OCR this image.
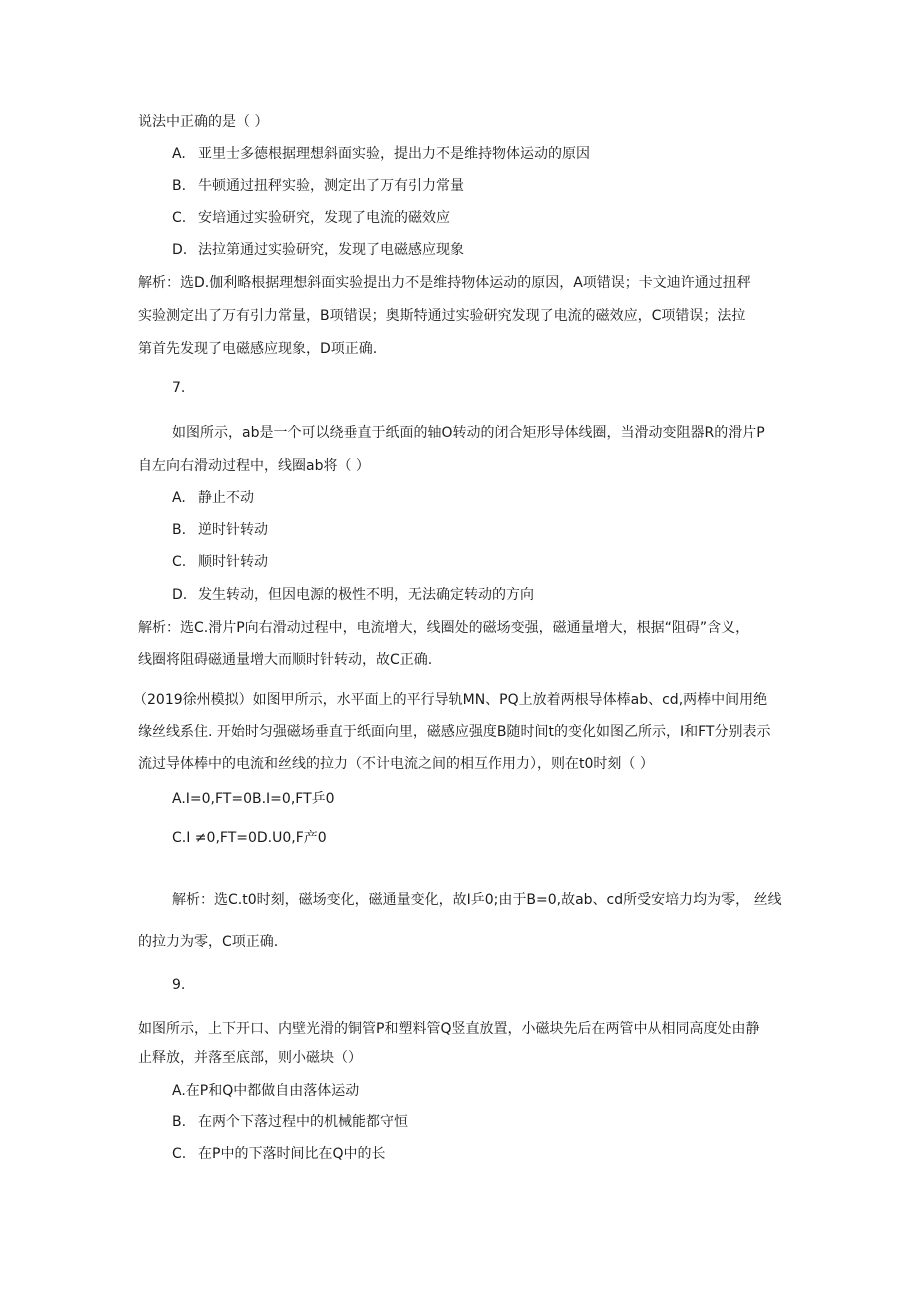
说法中正确的是（ ）
A. 亚里士多德根据理想斜面实验，提出力不是维持物体运动的原因
B. 牛顿通过扭秤实验，测定出了万有引力常量
C. 安培通过实验研究，发现了电流的磁效应
D. 法拉第通过实验研究，发现了电磁感应现象
解析：选D.伽利略根据理想斜面实验提出力不是维持物体运动的原因，A项错误；卡文迪许通过扭秤
实验测定出了万有引力常量，B项错误；奥斯特通过实验研究发现了电流的磁效应，C项错误；法拉
第首先发现了电磁感应现象，D项正确.
7.
如图所示，ab是一个可以绕垂直于纸面的轴O转动的闭合矩形导体线圈，当滑动变阻器R的滑片P
自左向右滑动过程中，线圈ab将（ ）
A. 静止不动
B. 逆时针转动
C. 顺时针转动
D. 发生转动，但因电源的极性不明，无法确定转动的方向
解析：选C.滑片P向右滑动过程中，电流增大，线圈处的磁场变强，磁通量增大，根据“阻碍”含义，
线圈将阻碍磁通量增大而顺时针转动，故C正确.
（2019徐州模拟）如图甲所示，水平面上的平行导轨MN、PQ上放着两根导体棒ab、cd,两棒中间用绝
缘丝线系住. 开始时匀强磁场垂直于纸面向里，磁感应强度B随时间t的变化如图乙所示，I和FT分别表示
流过导体棒中的电流和丝线的拉力（不计电流之间的相互作用力），则在t0时刻（ ）
A.I=0,FT=0B.I=0,FT乒0
C.I ≠0,FT=0D.U0,F产0
解析：选C.t0时刻，磁场变化，磁通量变化，故I乒0;由于B=0,故ab、cd所受安培力均为零， 丝线
的拉力为零，C项正确.
9.
如图所示，上下开口、内壁光滑的铜管P和塑料管Q竖直放置，小磁块先后在两管中从相同高度处由静
止释放，并落至底部，则小磁块（）
A.在P和Q中都做自由落体运动
B. 在两个下落过程中的机械能都守恒
C. 在P中的下落时间比在Q中的长
